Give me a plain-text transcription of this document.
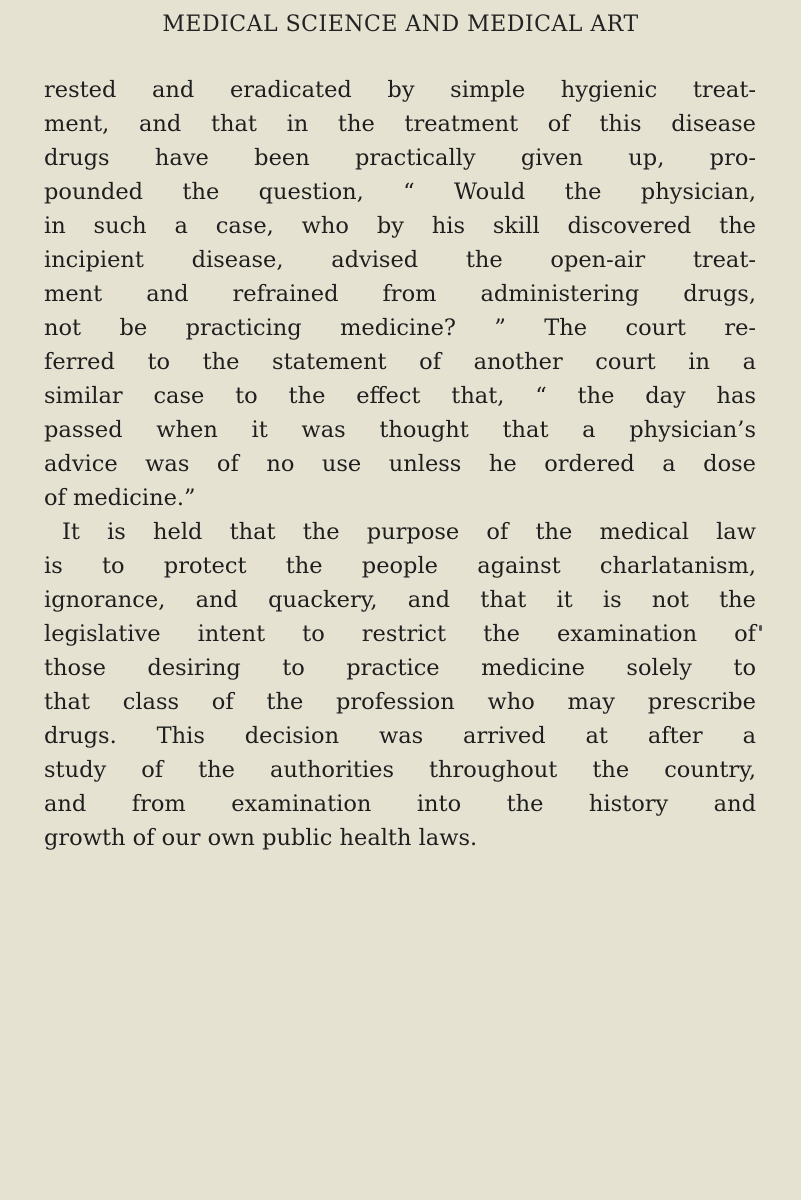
MEDICAL SCIENCE AND MEDICAL ART
rested and eradicated by simple hygienic treat-
ment, and that in the treatment of this disease
drugs have been practically given up, pro-
pounded the question, “ Would the physician,
in such a case, who by his skill discovered the
incipient disease, advised the open-air treat-
ment and refrained from administering drugs,
not be practicing medicine? ” The court re-
ferred to the statement of another court in a
similar case to the effect that, “ the day has
passed when it was thought that a physician’s
advice was of no use unless he ordered a dose
of medicine.”
It is held that the purpose of the medical law
is to protect the people against charlatanism,
ignorance, and quackery, and that it is not the
legislative intent to restrict the examination of
those desiring to practice medicine solely to
that class of the profession who may prescribe
drugs. This decision was arrived at after a
study of the authorities throughout the country,
and from examination into the history and
growth of our own public health laws.
